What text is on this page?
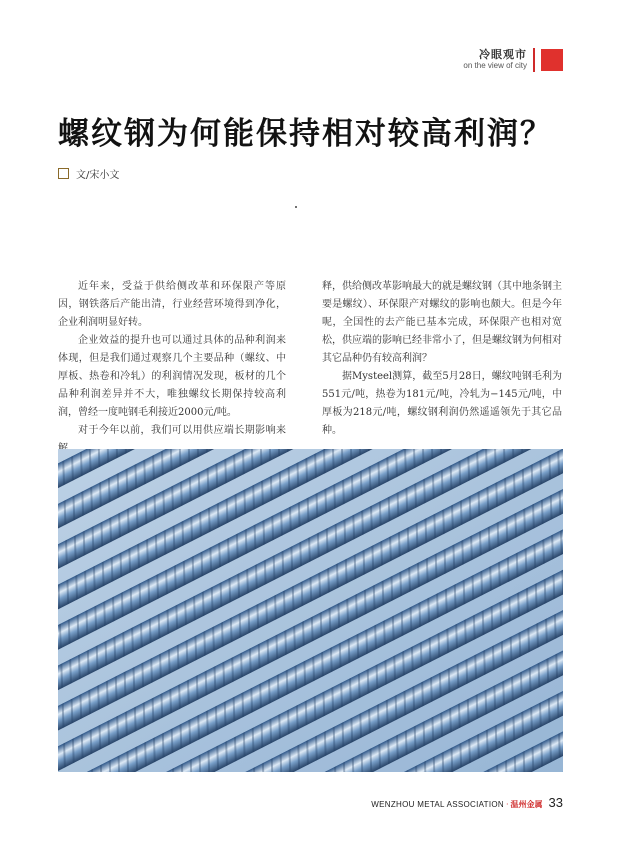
冷眼观市
on the view of city
螺纹钢为何能保持相对较高利润？
文/宋小文

近年来，受益于供给侧改革和环保限产等原因，钢铁落后产能出清，行业经营环境得到净化，企业利润明显好转。

企业效益的提升也可以通过具体的品种利润来体现，但是我们通过观察几个主要品种（螺纹、中厚板、热卷和冷轧）的利润情况发现，板材的几个品种利润差异并不大，唯独螺纹长期保持较高利润，曾经一度吨钢毛利接近2000元/吨。

对于今年以前，我们可以用供应端长期影响来

释，供给侧改革影响最大的就是螺纹钢（其中地条钢主要是螺纹）、环保限产对螺纹的影响也颇大。但是今年呢，全国性的去产能已基本完成，环保限产也相对宽松，供应端的影响已经非常小了，但是螺纹钢为何相对其它品种仍有较高利润？

据Mysteel测算，截至5月28日，螺纹吨钢毛利为551元/吨，热卷为181元/吨，冷轧为−145元/吨，中厚板为218元/吨，螺纹钢利润仍然遥遥领先于其它品种。

WENZHOU METAL ASSOCIATION · 温州金属 33
